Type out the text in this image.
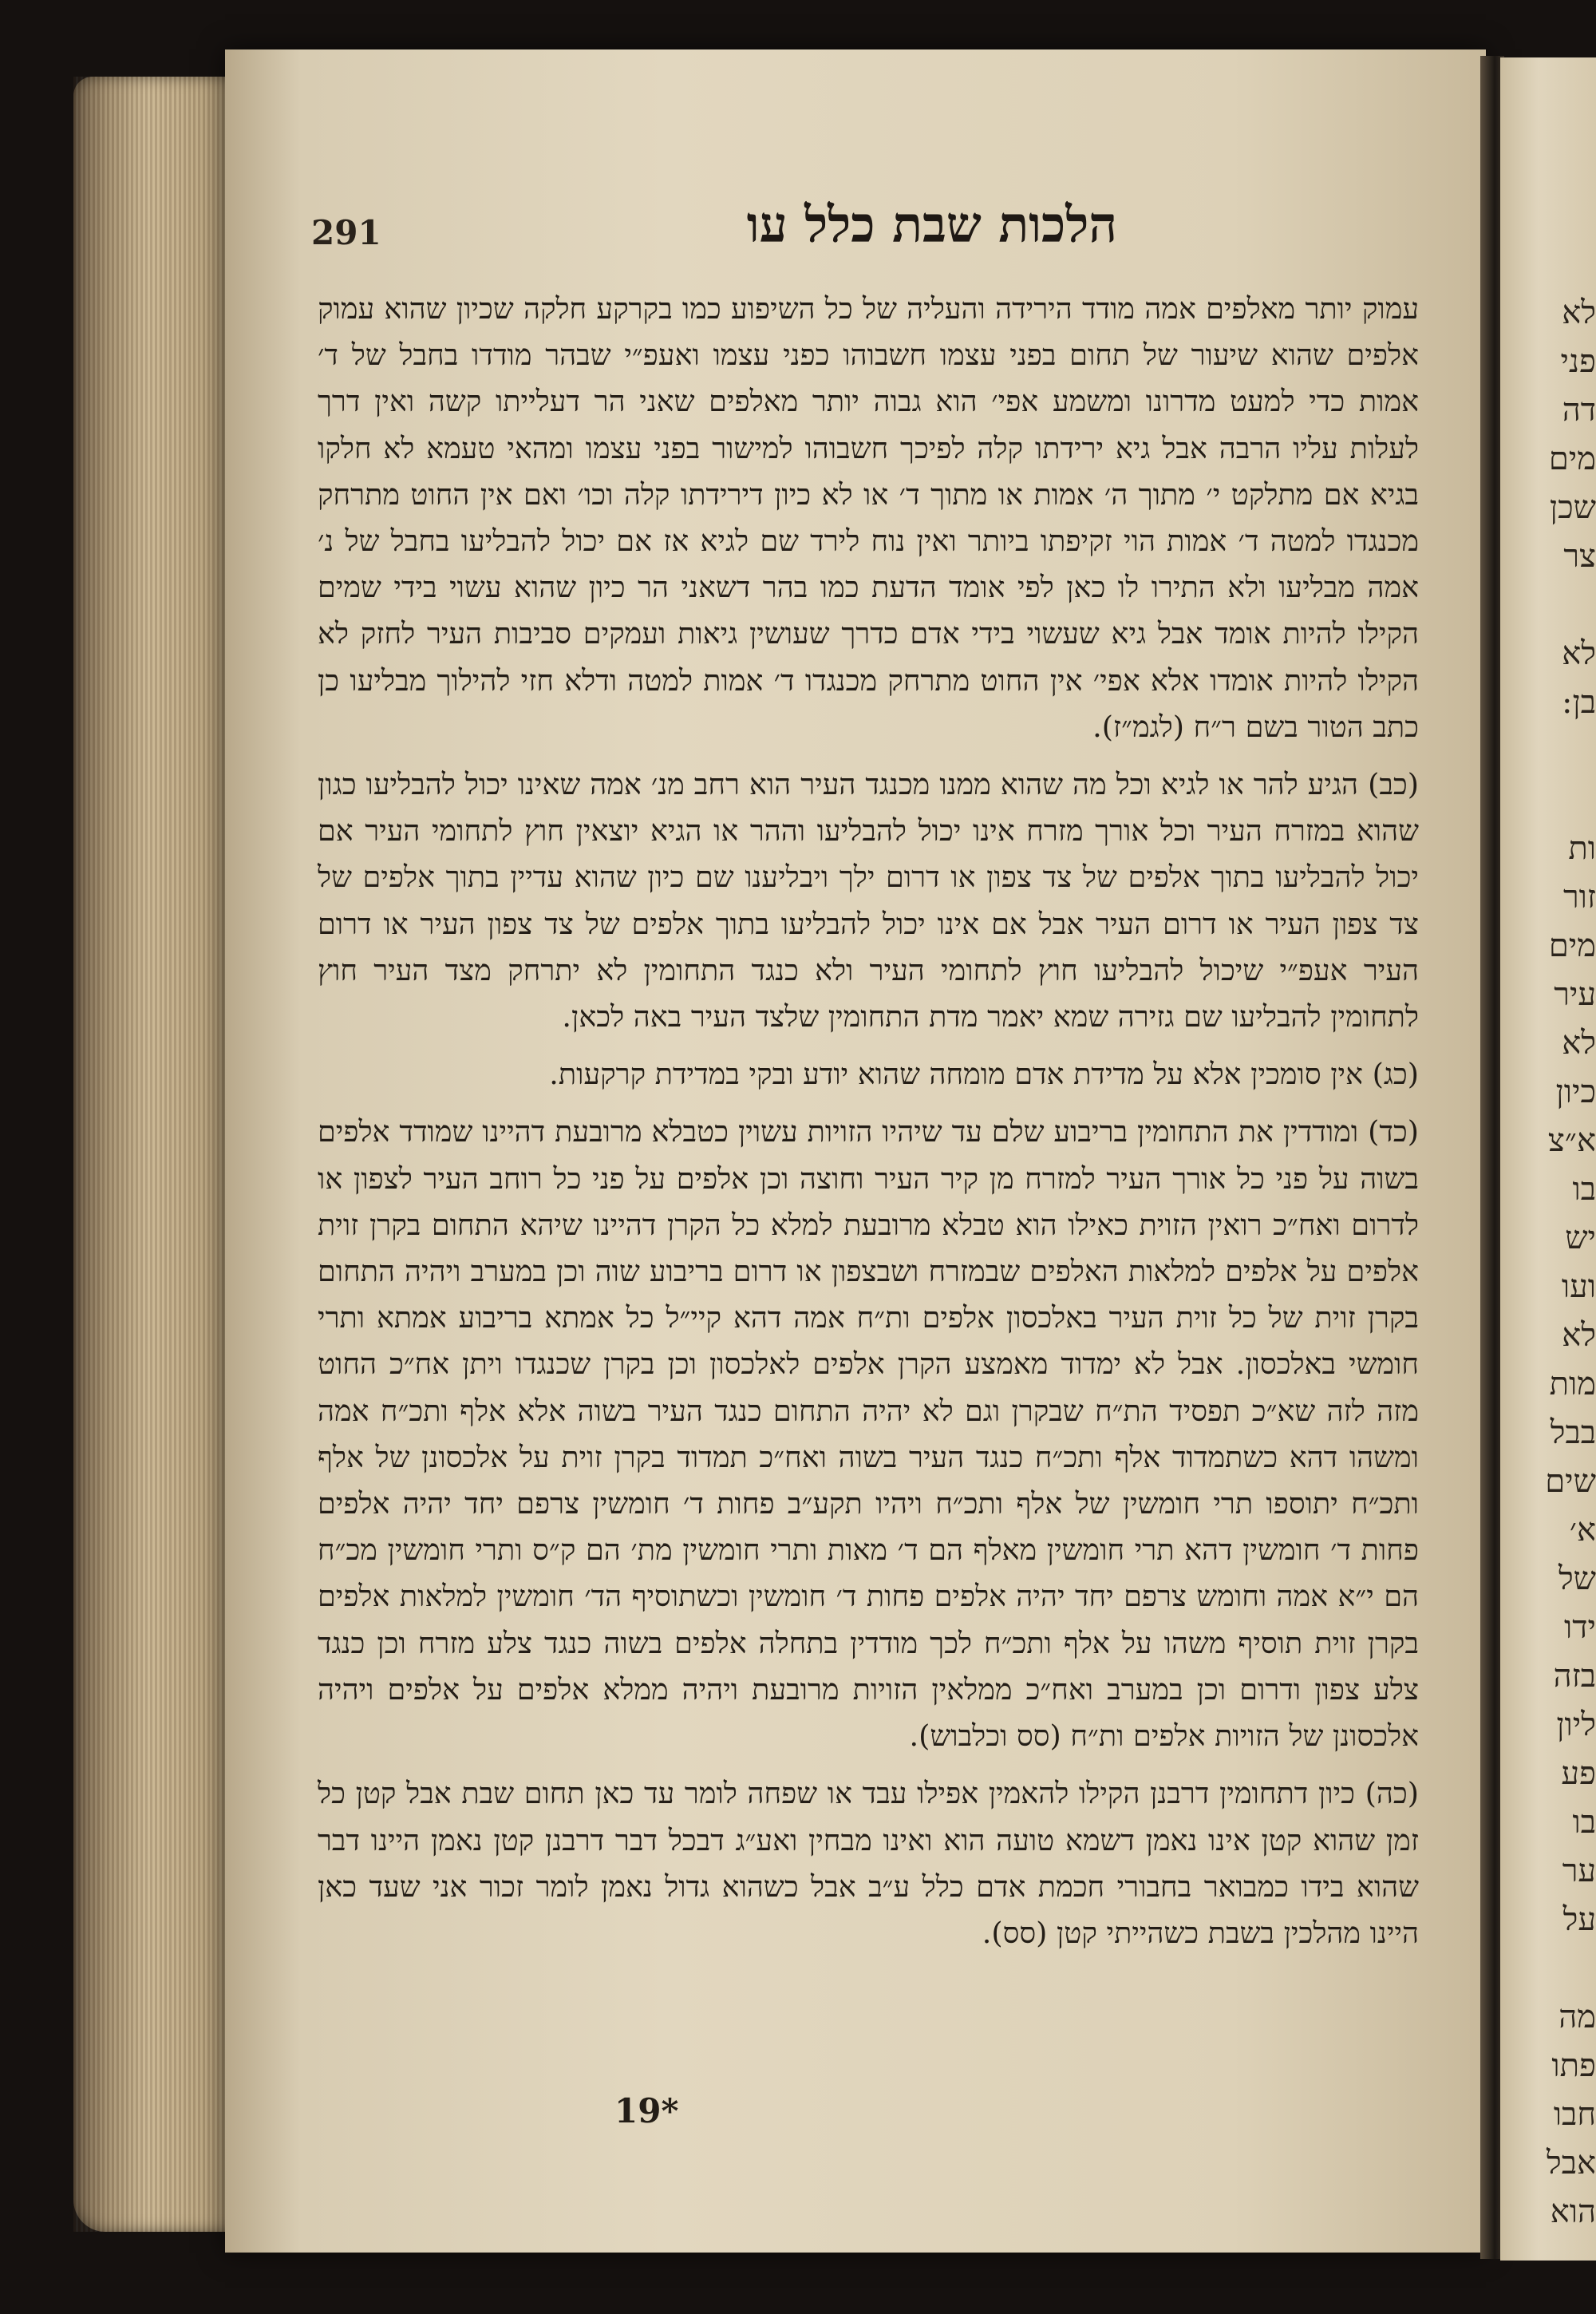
לא
פני
דה
מים
שכן
צר
לא
בן:
ות
זור
מים
עיר
לא
כיון
א״צ
בו
יש
ועו
לא
מות
בבל
שים
א׳
של
ידו
בזה
ליון
פע
בו
ער
על
מה
פתו
חבו
אבל
הוא
291	הלכות שבת כלל עו

עמוק יותר מאלפים אמה מודד הירידה והעליה של כל השיפוע כמו בקרקע חלקה שכיון שהוא עמוק אלפים שהוא שיעור של תחום בפני עצמו חשבוהו כפני עצמו ואעפ״י שבהר מודדו בחבל של ד׳ אמות כדי למעט מדרונו ומשמע אפי׳ הוא גבוה יותר מאלפים שאני הר דעלייתו קשה ואין דרך לעלות עליו הרבה אבל גיא ירידתו קלה לפיכך חשבוהו למישור בפני עצמו ומהאי טעמא לא חלקו בגיא אם מתלקט י׳ מתוך ה׳ אמות או מתוך ד׳ או לא כיון דירידתו קלה וכו׳ ואם אין החוט מתרחק מכנגדו למטה ד׳ אמות הוי זקיפתו ביותר ואין נוח לירד שם לגיא אז אם יכול להבליעו בחבל של נ׳ אמה מבליעו ולא התירו לו כאן לפי אומד הדעת כמו בהר דשאני הר כיון שהוא עשוי בידי שמים הקילו להיות אומד אבל גיא שעשוי בידי אדם כדרך שעושין גיאות ועמקים סביבות העיר לחזק לא הקילו להיות אומדו אלא אפי׳ אין החוט מתרחק מכנגדו ד׳ אמות למטה ודלא חזי להילוך מבליעו כן כתב הטור בשם ר״ח (לגמ״ז).

(כב) הגיע להר או לגיא וכל מה שהוא ממנו מכנגד העיר הוא רחב מנ׳ אמה שאינו יכול להבליעו כגון שהוא במזרח העיר וכל אורך מזרח אינו יכול להבליעו וההר או הגיא יוצאין חוץ לתחומי העיר אם יכול להבליעו בתוך אלפים של צד צפון או דרום ילך ויבליענו שם כיון שהוא עדיין בתוך אלפים של צד צפון העיר או דרום העיר אבל אם אינו יכול להבליעו בתוך אלפים של צד צפון העיר או דרום העיר אעפ״י שיכול להבליעו חוץ לתחומי העיר ולא כנגד התחומין לא יתרחק מצד העיר חוץ לתחומין להבליעו שם גזירה שמא יאמר מדת התחומין שלצד העיר באה לכאן.

(כג) אין סומכין אלא על מדידת אדם מומחה שהוא יודע ובקי במדידת קרקעות.

(כד) ומודדין את התחומין בריבוע שלם עד שיהיו הזויות עשוין כטבלא מרובעת דהיינו שמודד אלפים בשוה על פני כל אורך העיר למזרח מן קיר העיר וחוצה וכן אלפים על פני כל רוחב העיר לצפון או לדרום ואח״כ רואין הזוית כאילו הוא טבלא מרובעת למלא כל הקרן דהיינו שיהא התחום בקרן זוית אלפים על אלפים למלאות האלפים שבמזרח ושבצפון או דרום בריבוע שוה וכן במערב ויהיה התחום בקרן זוית של כל זוית העיר באלכסון אלפים ות״ח אמה דהא קיי״ל כל אמתא בריבוע אמתא ותרי חומשי באלכסון. אבל לא ימדוד מאמצע הקרן אלפים לאלכסון וכן בקרן שכנגדו ויתן אח״כ החוט מזה לזה שא״כ תפסיד הת״ח שבקרן וגם לא יהיה התחום כנגד העיר בשוה אלא אלף ותכ״ח אמה ומשהו דהא כשתמדוד אלף ותכ״ח כנגד העיר בשוה ואח״כ תמדוד בקרן זוית על אלכסונן של אלף ותכ״ח יתוספו תרי חומשין של אלף ותכ״ח ויהיו תקע״ב פחות ד׳ חומשין צרפם יחד יהיה אלפים פחות ד׳ חומשין דהא תרי חומשין מאלף הם ד׳ מאות ותרי חומשין מת׳ הם ק״ס ותרי חומשין מכ״ח הם י״א אמה וחומש צרפם יחד יהיה אלפים פחות ד׳ חומשין וכשתוסיף הד׳ חומשין למלאות אלפים בקרן זוית תוסיף משהו על אלף ותכ״ח לכך מודדין בתחלה אלפים בשוה כנגד צלע מזרח וכן כנגד צלע צפון ודרום וכן במערב ואח״כ ממלאין הזויות מרובעת ויהיה ממלא אלפים על אלפים ויהיה אלכסונן של הזויות אלפים ות״ח (סס וכלבוש).

(כה) כיון דתחומין דרבנן הקילו להאמין אפילו עבד או שפחה לומר עד כאן תחום שבת אבל קטן כל זמן שהוא קטן אינו נאמן דשמא טועה הוא ואינו מבחין ואע״ג דבכל דבר דרבנן קטן נאמן היינו דבר שהוא בידו כמבואר בחבורי חכמת אדם כלל ע״ב אבל כשהוא גדול נאמן לומר זכור אני שעד כאן היינו מהלכין בשבת כשהייתי קטן (סס).

19*
